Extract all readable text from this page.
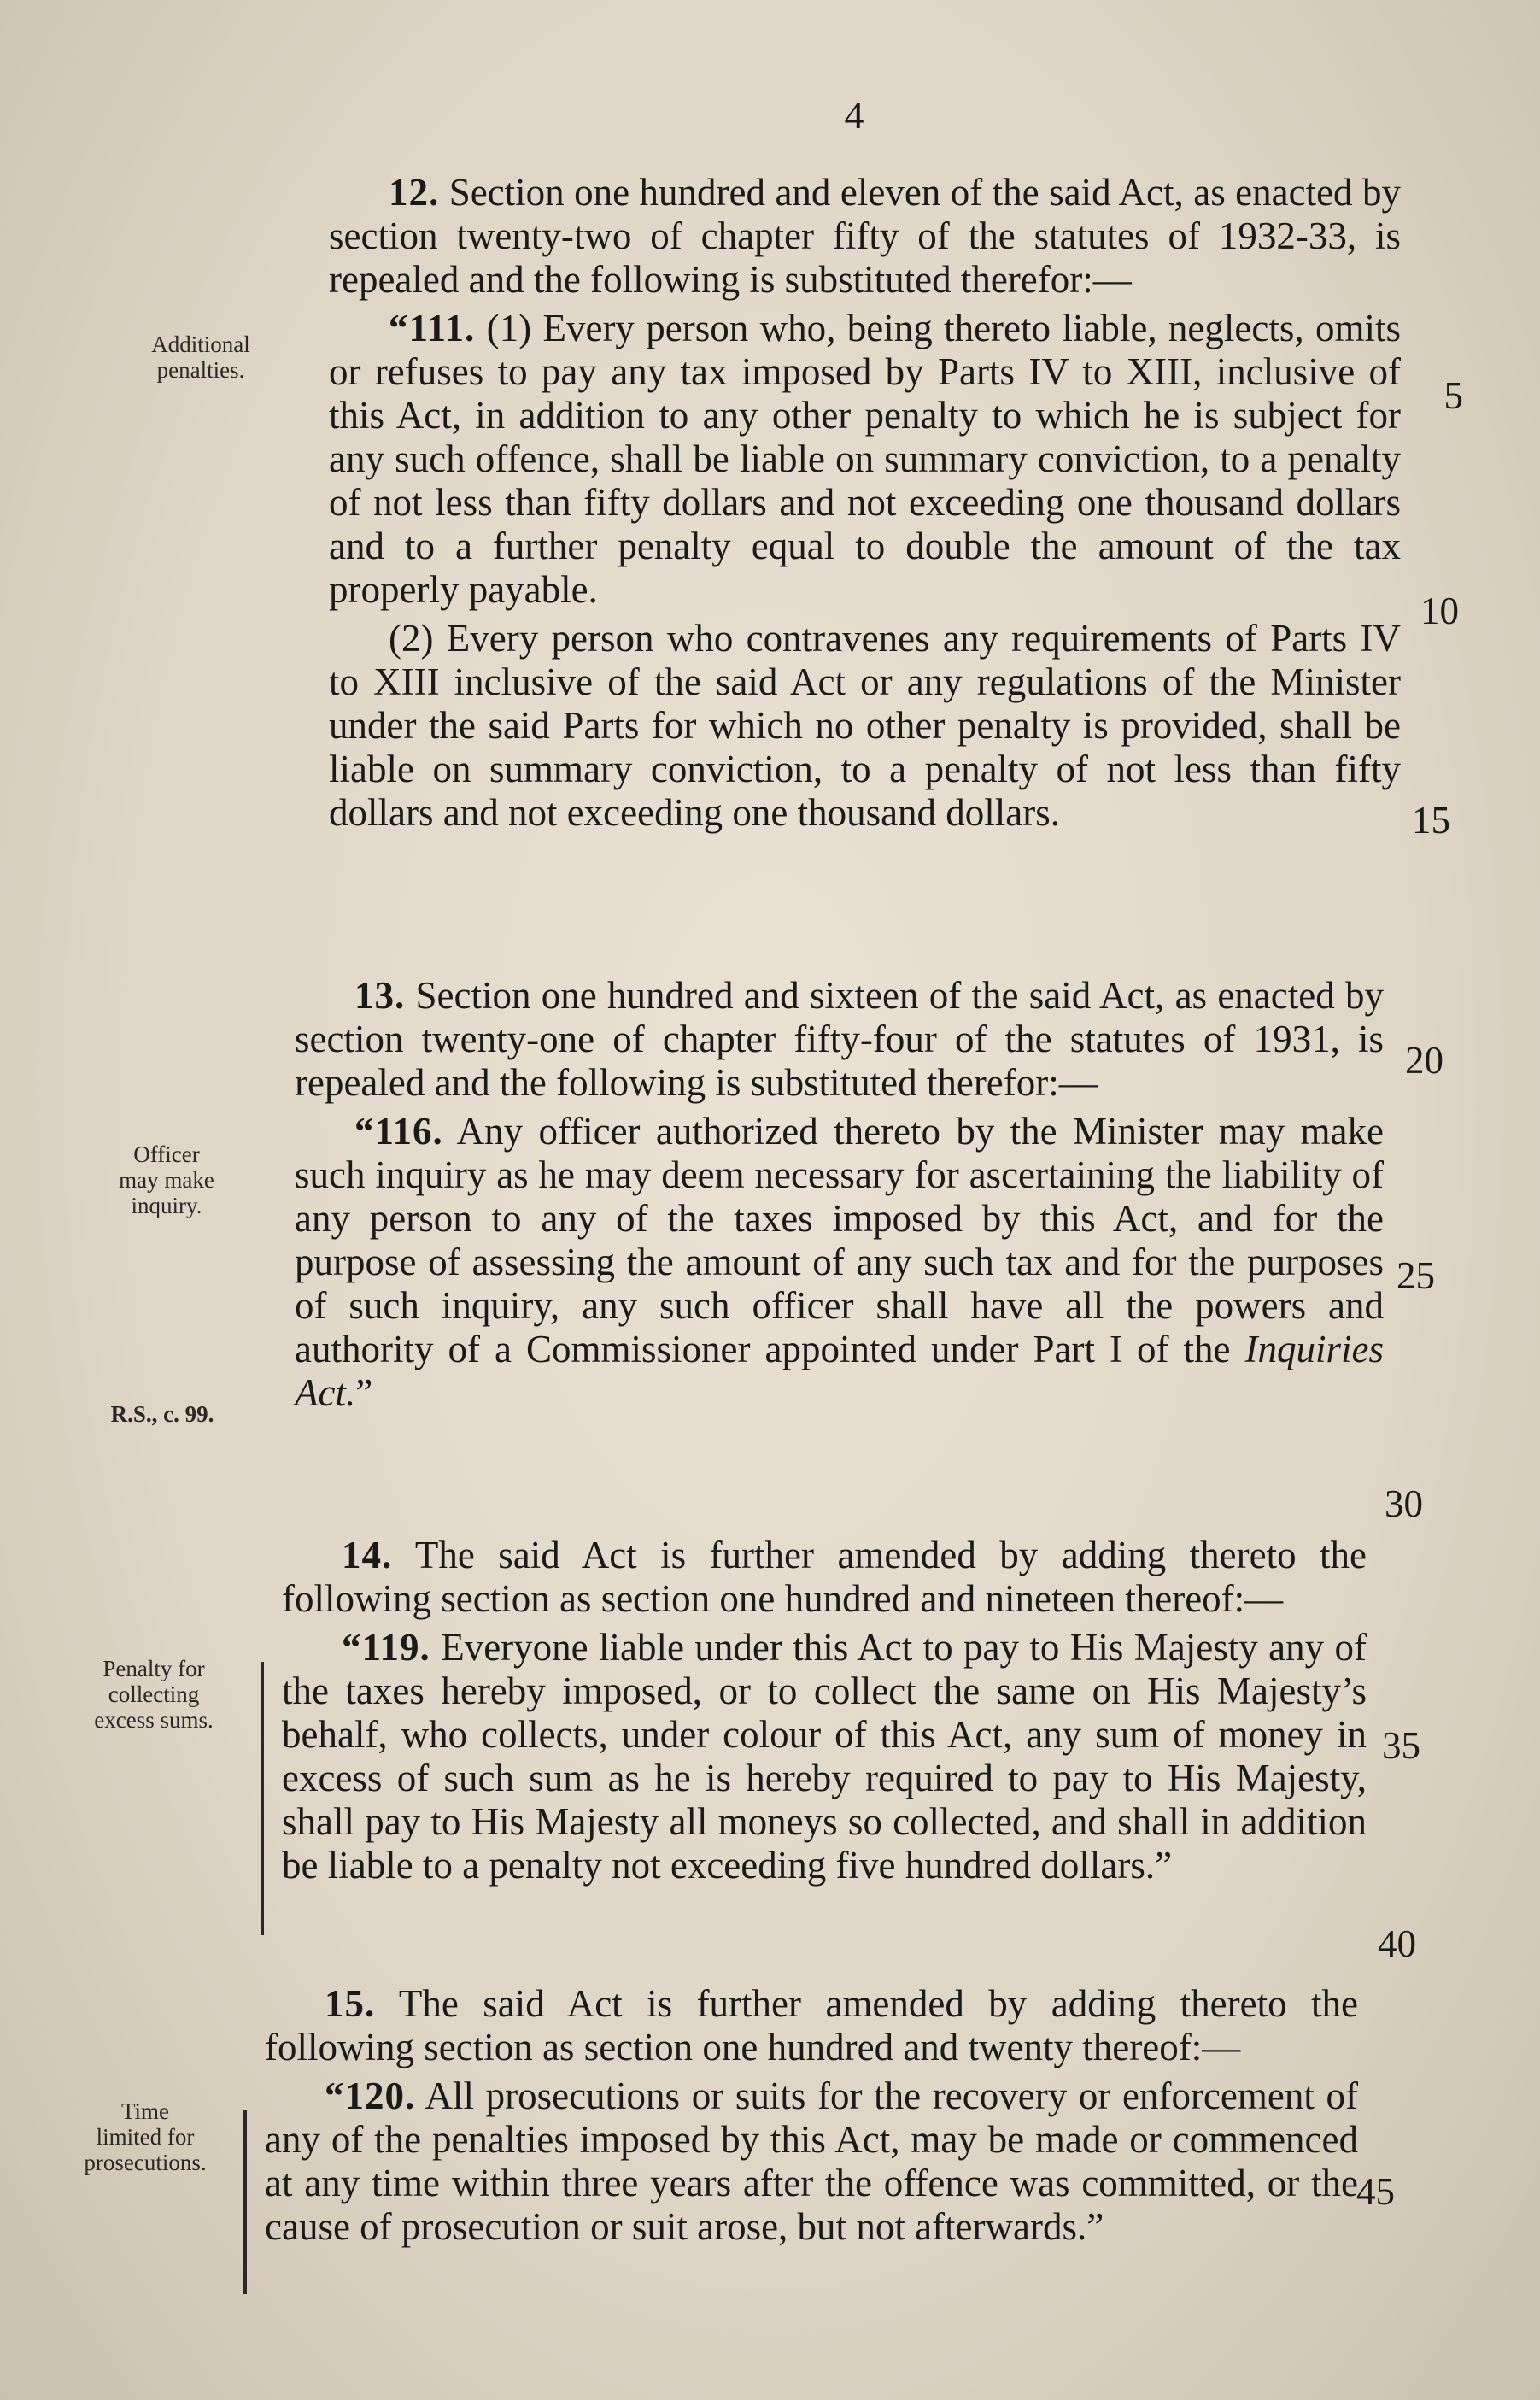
4
Additional
penalties.
Officer
may make
inquiry.
R.S., c. 99.
Penalty for
collecting
excess sums.
Time
limited for
prosecutions.

12. Section one hundred and eleven of the said Act, as enacted by section twenty-two of chapter fifty of the statutes of 1932-33, is repealed and the following is substituted therefor:—

“111. (1) Every person who, being thereto liable, neglects, omits or refuses to pay any tax imposed by Parts IV to XIII, inclusive of this Act, in addition to any other penalty to which he is subject for any such offence, shall be liable on summary conviction, to a penalty of not less than fifty dollars and not exceeding one thousand dollars and to a further penalty equal to double the amount of the tax properly payable.

(2) Every person who contravenes any requirements of Parts IV to XIII inclusive of the said Act or any regulations of the Minister under the said Parts for which no other penalty is provided, shall be liable on summary conviction, to a penalty of not less than fifty dollars and not exceeding one thousand dollars.

13. Section one hundred and sixteen of the said Act, as enacted by section twenty-one of chapter fifty-four of the statutes of 1931, is repealed and the following is substituted therefor:—

“116. Any officer authorized thereto by the Minister may make such inquiry as he may deem necessary for ascertaining the liability of any person to any of the taxes imposed by this Act, and for the purpose of assessing the amount of any such tax and for the purposes of such inquiry, any such officer shall have all the powers and authority of a Commissioner appointed under Part I of the Inquiries Act.”

14. The said Act is further amended by adding thereto the following section as section one hundred and nineteen thereof:—

“119. Everyone liable under this Act to pay to His Majesty any of the taxes hereby imposed, or to collect the same on His Majesty’s behalf, who collects, under colour of this Act, any sum of money in excess of such sum as he is hereby required to pay to His Majesty, shall pay to His Majesty all moneys so collected, and shall in addition be liable to a penalty not exceeding five hundred dollars.”

15. The said Act is further amended by adding thereto the following section as section one hundred and twenty thereof:—

“120. All prosecutions or suits for the recovery or enforcement of any of the penalties imposed by this Act, may be made or commenced at any time within three years after the offence was committed, or the cause of prosecution or suit arose, but not afterwards.”

5
10
15
20
25
30
35
40
45
